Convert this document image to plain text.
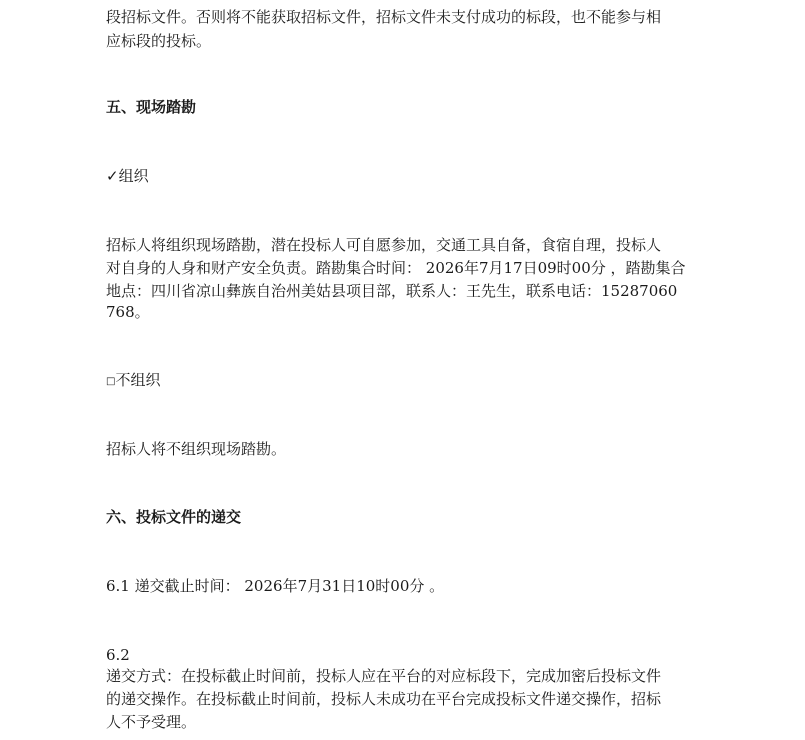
段招标文件。否则将不能获取招标文件，招标文件未支付成功的标段，也不能参与相
应标段的投标。
五、现场踏勘
✓组织
招标人将组织现场踏勘，潜在投标人可自愿参加，交通工具自备，食宿自理，投标人
对自身的人身和财产安全负责。踏勘集合时间： 2026年7月17日09时00分 ，踏勘集合
地点：四川省凉山彝族自治州美姑县项目部，联系人：王先生，联系电话：15287060
768。
□不组织
招标人将不组织现场踏勘。
六、投标文件的递交
6.1 递交截止时间： 2026年7月31日10时00分 。
6.2
递交方式：在投标截止时间前，投标人应在平台的对应标段下，完成加密后投标文件
的递交操作。在投标截止时间前，投标人未成功在平台完成投标文件递交操作，招标
人不予受理。
